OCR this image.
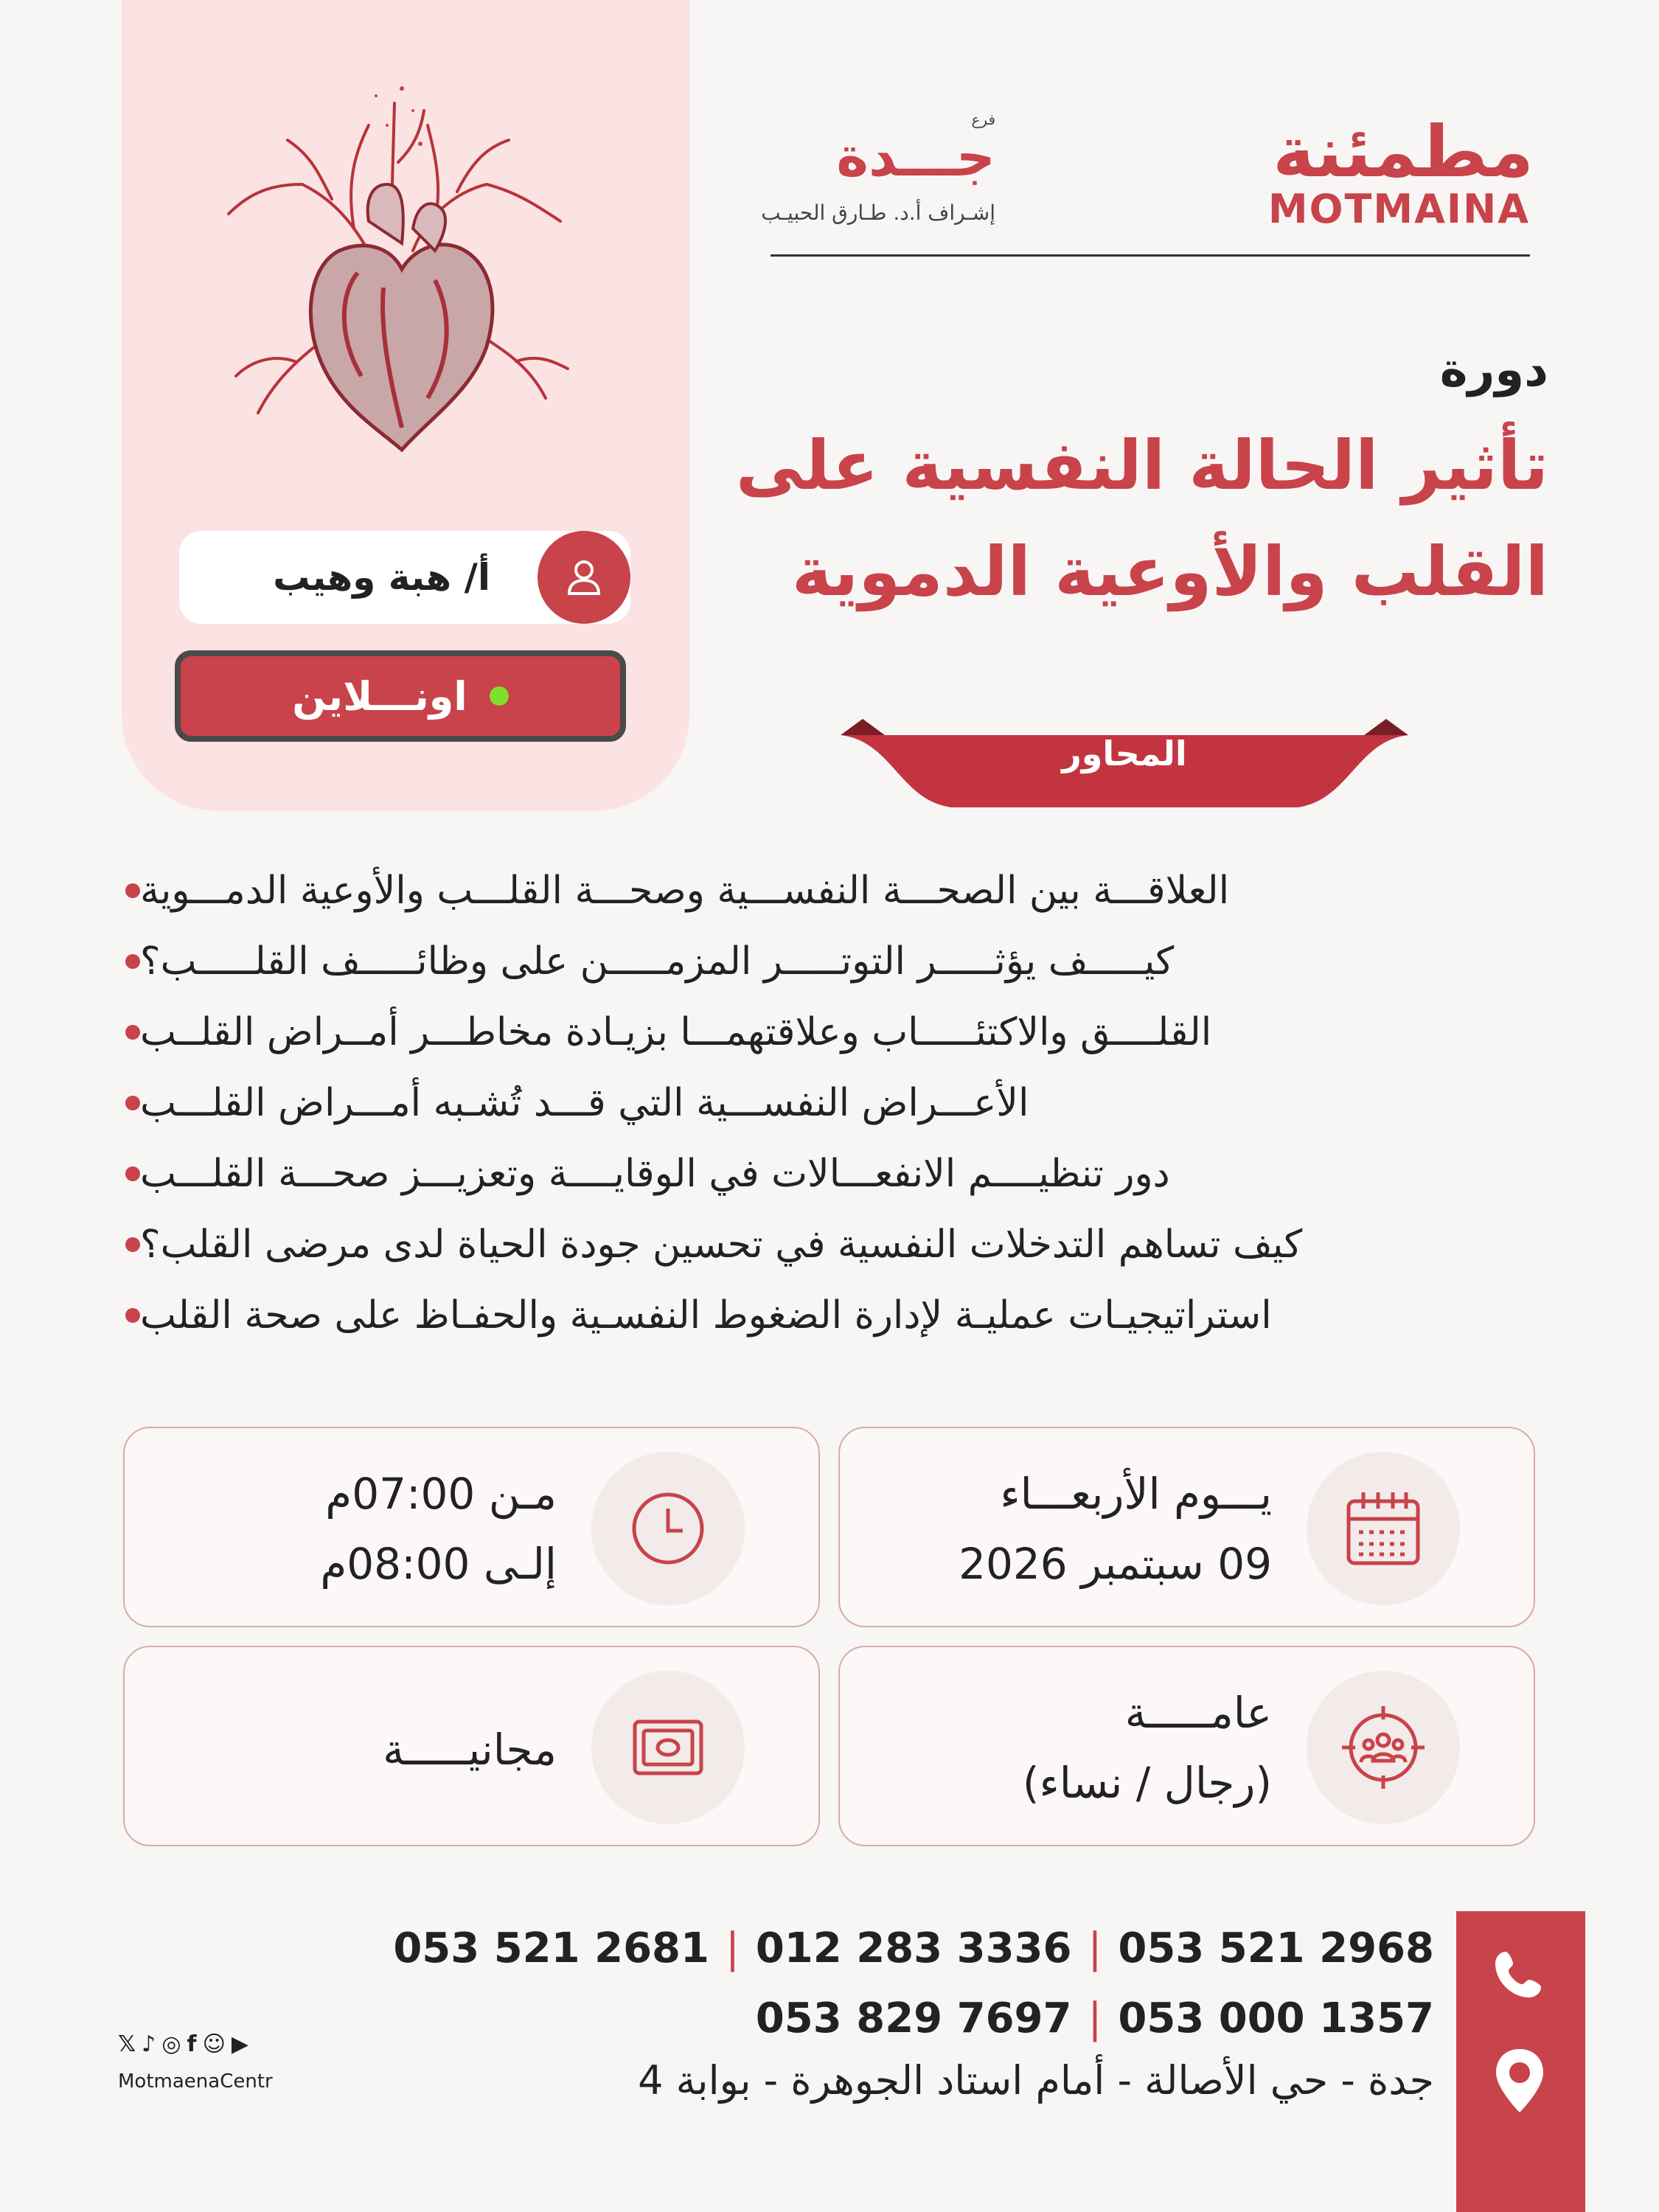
أ/ هبة وهيب
اونـــلاين
مطمئنة
MOTMAINA
فرع
جـــدة
إشـراف أ.د. طـارق الحبيـب
دورة
تأثير الحالة النفسية على
القلب والأوعية الدموية
المحاور
العلاقـــة بين الصحـــة النفســـية وصحـــة القلـــب والأوعية الدمـــوية
كيـــــف يؤثـــــر التوتـــــر المزمـــــن على وظائـــــف القلـــــب؟
القلــــق والاكتئـــــاب وعلاقتهمـــا بزيـادة مخاطـــر أمــراض القلــب
الأعـــراض النفســـية التي قـــد تُشـبه أمـــراض القلـــب
دور تنظيــــم الانفعـــالات في الوقايــــة وتعزيـــز صحـــة القلـــب
كيف تساهم التدخلات النفسية في تحسين جودة الحياة لدى مرضى القلب؟
استراتيجيـات عمليـة لإدارة الضغوط النفسـية والحفـاظ على صحة القلب
يـــوم الأربعـــاء
09 سبتمبر 2026
مـن 07:00م
إلـى 08:00م
عامـــــة
(رجال / نساء)
مجانيـــــة
053 521 2681 | 012 283 3336 | 053 521 2968
053 829 7697 | 053 000 1357
جدة - حي الأصالة - أمام استاد الجوهرة - بوابة 4
𝕏 ♪ ◎ f ☺ ▶
MotmaenaCentr
